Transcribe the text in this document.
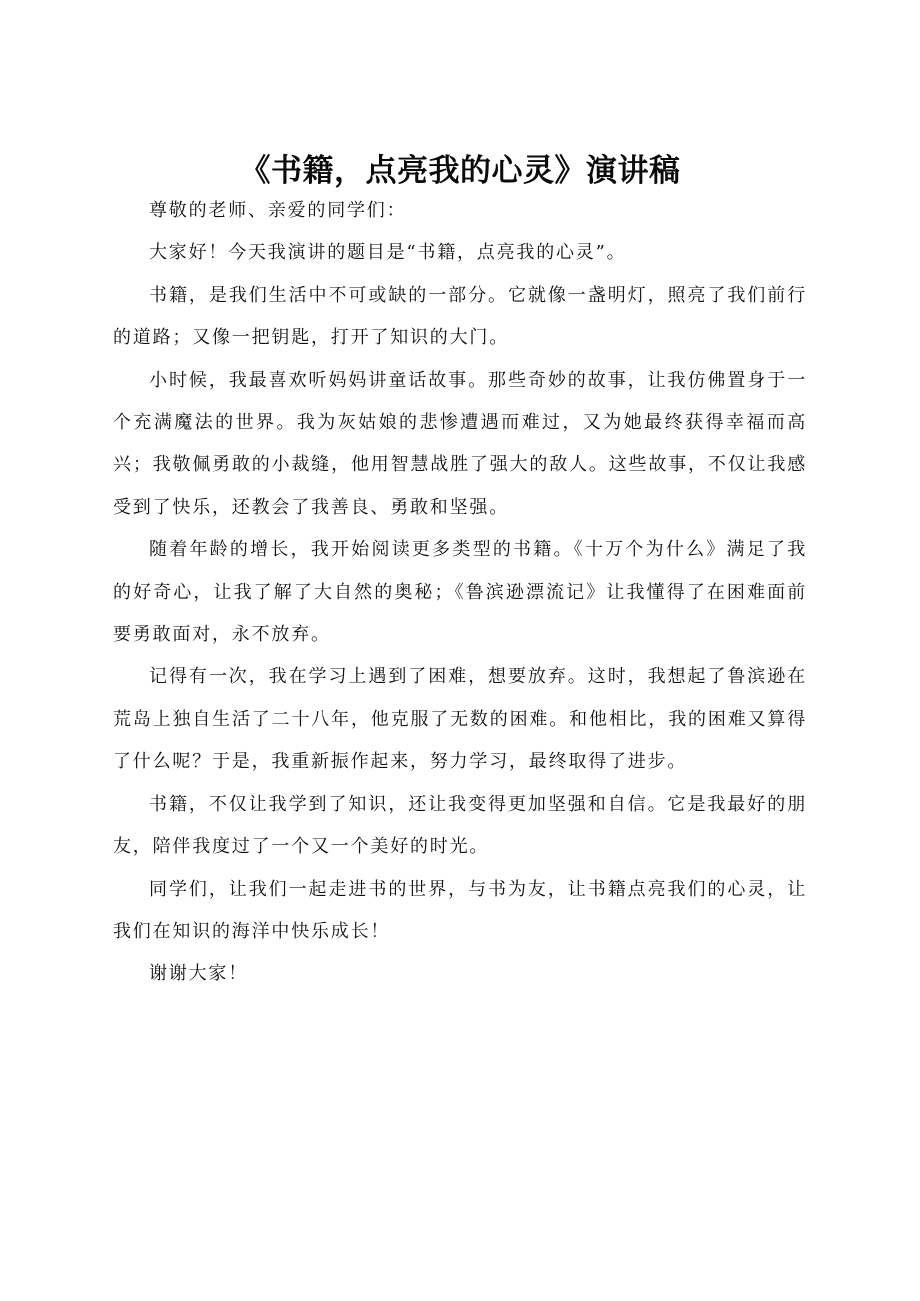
《书籍，点亮我的心灵》演讲稿

尊敬的老师、亲爱的同学们：

大家好！今天我演讲的题目是“书籍，点亮我的心灵”。

书籍，是我们生活中不可或缺的一部分。它就像一盏明灯，照亮了我们前行的道路；又像一把钥匙，打开了知识的大门。

小时候，我最喜欢听妈妈讲童话故事。那些奇妙的故事，让我仿佛置身于一个充满魔法的世界。我为灰姑娘的悲惨遭遇而难过，又为她最终获得幸福而高兴；我敬佩勇敢的小裁缝，他用智慧战胜了强大的敌人。这些故事，不仅让我感受到了快乐，还教会了我善良、勇敢和坚强。

随着年龄的增长，我开始阅读更多类型的书籍。《十万个为什么》满足了我的好奇心，让我了解了大自然的奥秘；《鲁滨逊漂流记》让我懂得了在困难面前要勇敢面对，永不放弃。

记得有一次，我在学习上遇到了困难，想要放弃。这时，我想起了鲁滨逊在荒岛上独自生活了二十八年，他克服了无数的困难。和他相比，我的困难又算得了什么呢？于是，我重新振作起来，努力学习，最终取得了进步。

书籍，不仅让我学到了知识，还让我变得更加坚强和自信。它是我最好的朋友，陪伴我度过了一个又一个美好的时光。

同学们，让我们一起走进书的世界，与书为友，让书籍点亮我们的心灵，让我们在知识的海洋中快乐成长！

谢谢大家！
